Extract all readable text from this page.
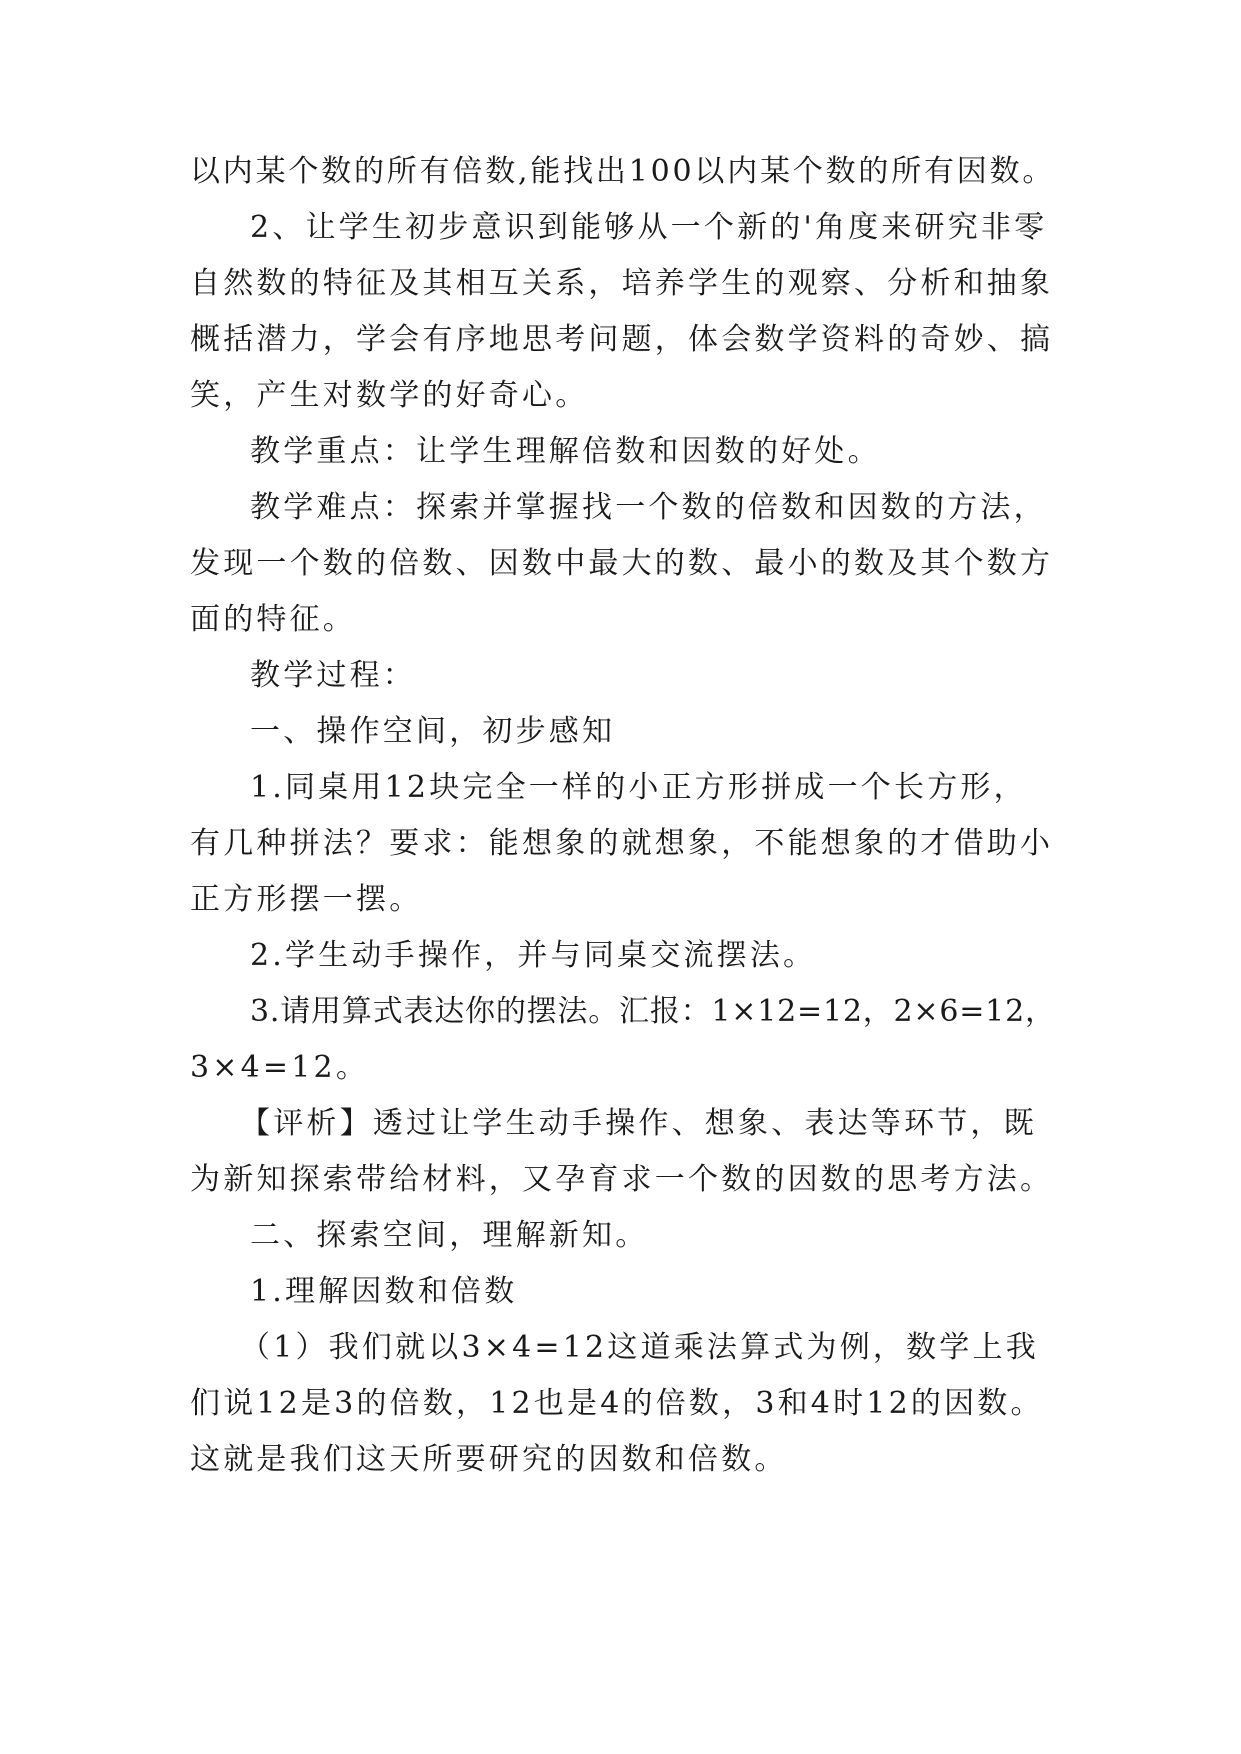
以内某个数的所有倍数,能找出100以内某个数的所有因数。

2、让学生初步意识到能够从一个新的'角度来研究非零

自然数的特征及其相互关系，培养学生的观察、分析和抽象

概括潜力，学会有序地思考问题，体会数学资料的奇妙、搞

笑，产生对数学的好奇心。

教学重点：让学生理解倍数和因数的好处。

教学难点：探索并掌握找一个数的倍数和因数的方法，

发现一个数的倍数、因数中最大的数、最小的数及其个数方

面的特征。

教学过程：

一、操作空间，初步感知

1.同桌用12块完全一样的小正方形拼成一个长方形，

有几种拼法？要求：能想象的就想象，不能想象的才借助小

正方形摆一摆。

2.学生动手操作，并与同桌交流摆法。

3.请用算式表达你的摆法。汇报：1×12=12，2×6=12，

3×4=12。

【评析】透过让学生动手操作、想象、表达等环节，既

为新知探索带给材料，又孕育求一个数的因数的思考方法。

二、探索空间，理解新知。

1.理解因数和倍数

（1）我们就以3×4=12这道乘法算式为例，数学上我

们说12是3的倍数，12也是4的倍数，3和4时12的因数。

这就是我们这天所要研究的因数和倍数。
